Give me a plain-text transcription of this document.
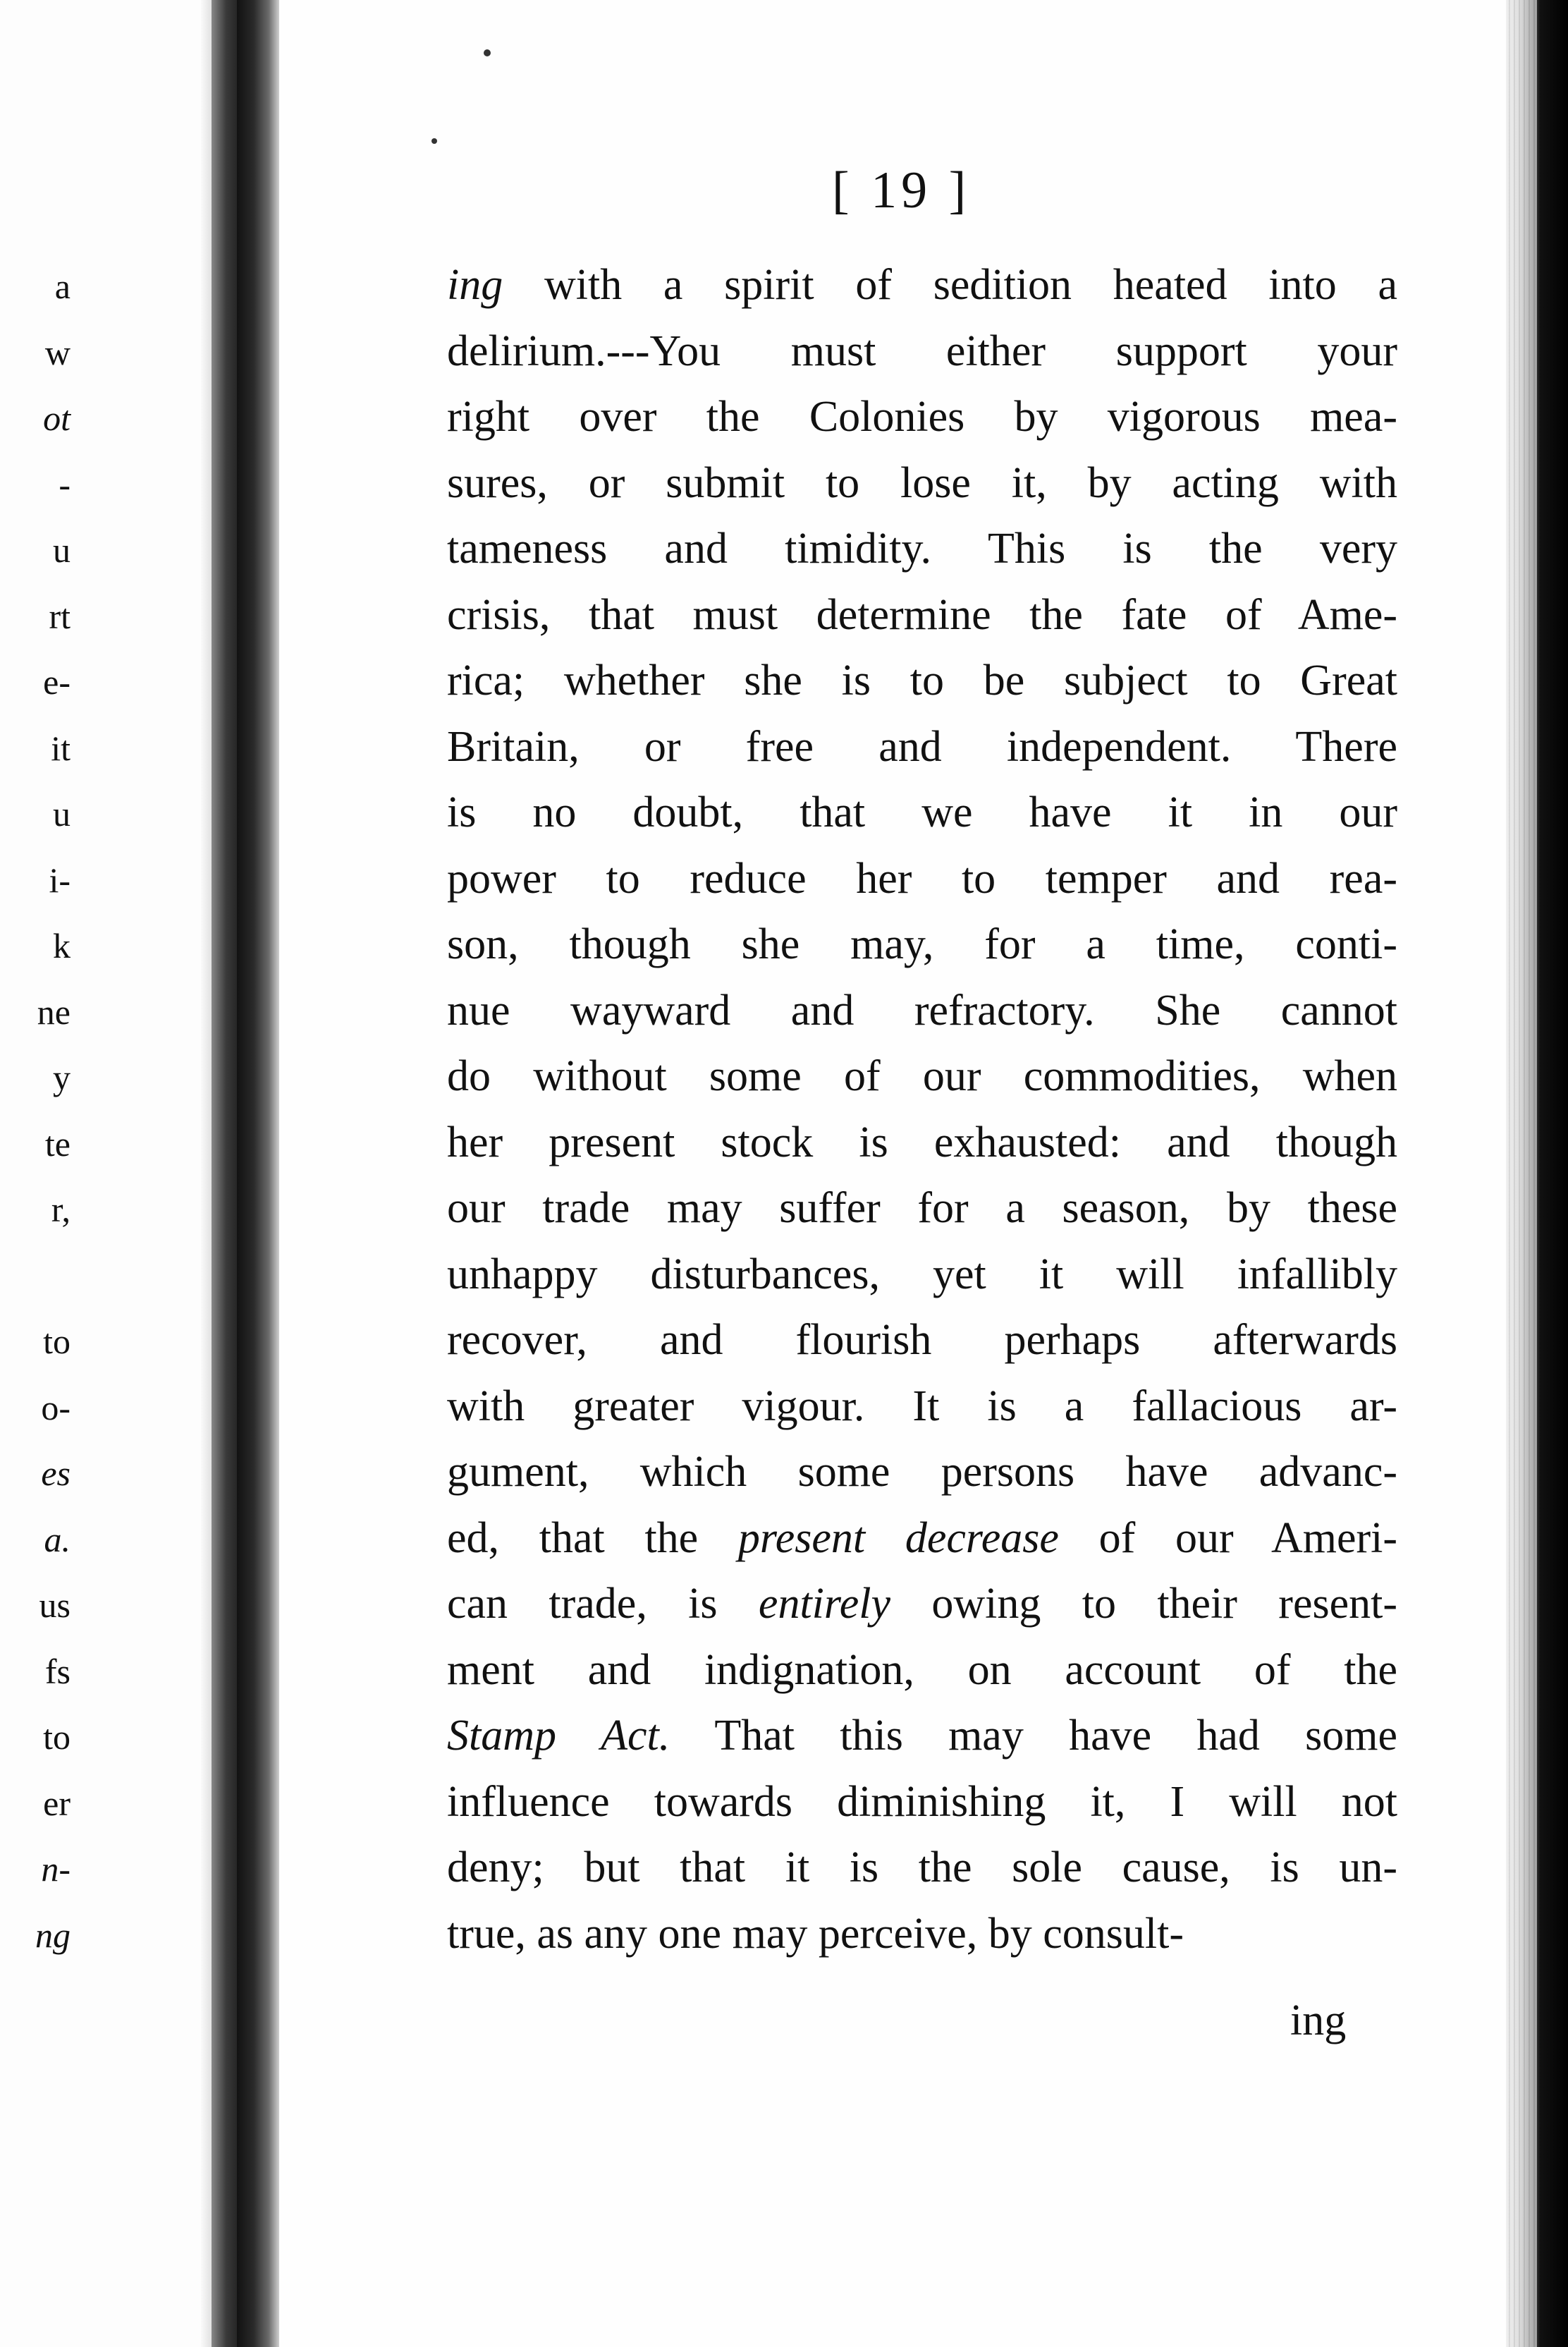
a
w
ot
-
u
rt
e-
it
u
i-
k
ne
y
te
r,
to
o-
es
a.
us
fs
to
er
n-
ng
[ 19 ]
ing with a spirit of sedition heated into a
delirium.---You must either support your
right over the Colonies by vigorous mea-
sures, or submit to lose it, by acting with
tameness and timidity. This is the very
crisis, that must determine the fate of Ame-
rica; whether she is to be subject to Great
Britain, or free and independent. There
is no doubt, that we have it in our
power to reduce her to temper and rea-
son, though she may, for a time, conti-
nue wayward and refractory. She cannot
do without some of our commodities, when
her present stock is exhausted: and though
our trade may suffer for a season, by these
unhappy disturbances, yet it will infallibly
recover, and flourish perhaps afterwards
with greater vigour. It is a fallacious ar-
gument, which some persons have advanc-
ed, that the present decrease of our Ameri-
can trade, is entirely owing to their resent-
ment and indignation, on account of the
Stamp Act. That this may have had some
influence towards diminishing it, I will not
deny; but that it is the sole cause, is un-
true, as any one may perceive, by consult-
ing
